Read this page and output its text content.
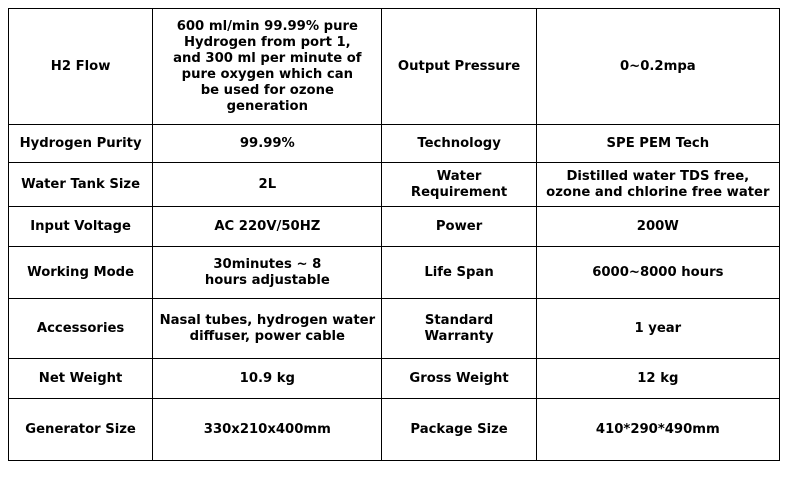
H2 Flow	600 ml/min 99.99% pure Hydrogen from port 1, and 300 ml per minute of pure oxygen which can be used for ozone generation	Output Pressure	0~0.2mpa
Hydrogen Purity	99.99%	Technology	SPE PEM Tech
Water Tank Size	2L	Water Requirement	Distilled water TDS free, ozone and chlorine free water
Input Voltage	AC 220V/50HZ	Power	200W
Working Mode	30minutes ~ 8 hours adjustable	Life Span	6000~8000 hours
Accessories	Nasal tubes, hydrogen water diffuser, power cable	Standard Warranty	1 year
Net Weight	10.9 kg	Gross Weight	12 kg
Generator Size	330x210x400mm	Package Size	410*290*490mm
